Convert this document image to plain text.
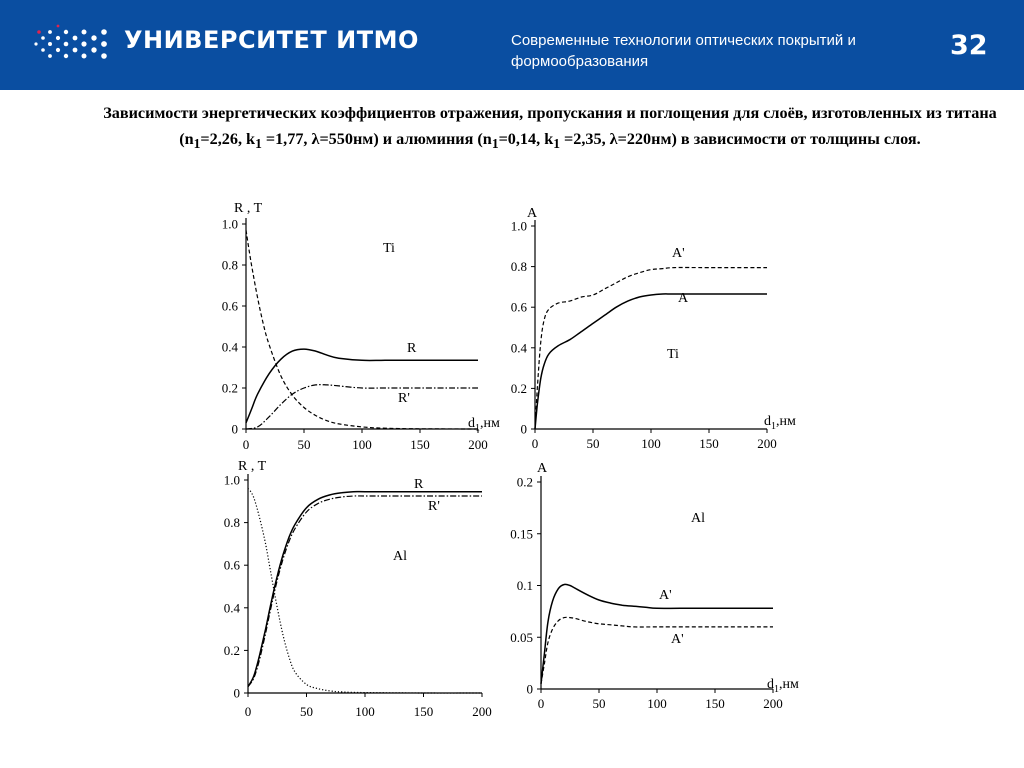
УНИВЕРСИТЕТ ИТМО	Современные технологии оптических покрытий и формообразования
32
Зависимости энергетических коэффициентов отражения, пропускания и поглощения для слоёв, изготовленных из титана ($n_1=2,26$, $k_1 =1,77$, λ=550нм) и алюминия ($n_1=0,14$, $k_1 =2,35$, λ=220нм) в зависимости от толщины слоя.
0
0.2
0.4
0.6
0.8
1.0
0	50	100	150	200
R , T
$d_1,нм$
Ti
R
R'
0
0.2
0.4
0.6
0.8
1.0
0	50	100	150	200
A
$d_1,нм$
Ti
A'
A
0
0.2
0.4
0.6
0.8
1.0
0	50	100	150	200
R , T
Al
R
R'
0
0.05
0.1
0.15
0.2
0	50	100	150	200
A
$d_1,нм$
Al
A'
A'
